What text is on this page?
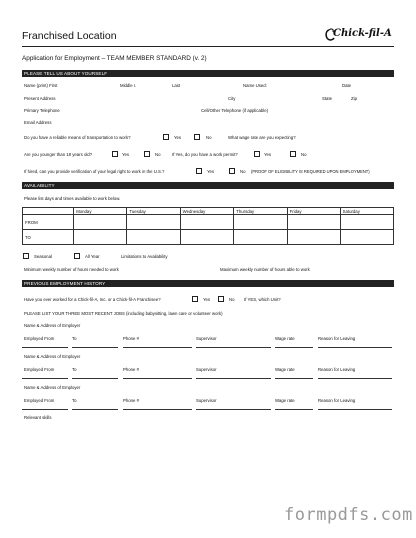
Franchised Location	Chick-fil-A
Application for Employment – TEAM MEMBER STANDARD (v. 2)
PLEASE TELL US ABOUT YOURSELF
Name (print) First	Middle I.	Last	Name Used:	Date
Present Address	City	State	Zip
Primary Telephone	Cell/Other Telephone (if applicable)
Email Address
Do you have a reliable means of transportation to work?	Yes	No	What wage rate are you expecting?
Are you younger than 18 years old?	Yes	No	If Yes, do you have a work permit?	Yes	No
If hired, can you provide verification of your legal right to work in the U.S.?	Yes	No (PROOF OF ELIGIBILITY IS REQUIRED UPON EMPLOYMENT)
AVAILABILITY
Please list days and times available to work below.
	Monday	Tuesday	Wednesday	Thursday	Friday	Saturday
FROM						
TO						
Seasonal	All Year	Limitations to Availability
Minimum weekly number of hours needed to work	Maximum weekly number of hours able to work
PREVIOUS EMPLOYMENT HISTORY
Have you ever worked for a Chick-fil-A, Inc. or a Chick-fil-A Franchisee?	Yes	No If YES, which Unit?
PLEASE LIST YOUR THREE MOST RECENT JOBS (including babysitting, lawn care or volunteer work)
Name & Address of Employer
Employed From	To	Phone #	Supervisor	Wage rate	Reason for Leaving
Name & Address of Employer
Employed From	To	Phone #	Supervisor	Wage rate	Reason for Leaving
Name & Address of Employer
Employed From	To	Phone #	Supervisor	Wage rate	Reason for Leaving
Relevant skills
formpdfs.com
